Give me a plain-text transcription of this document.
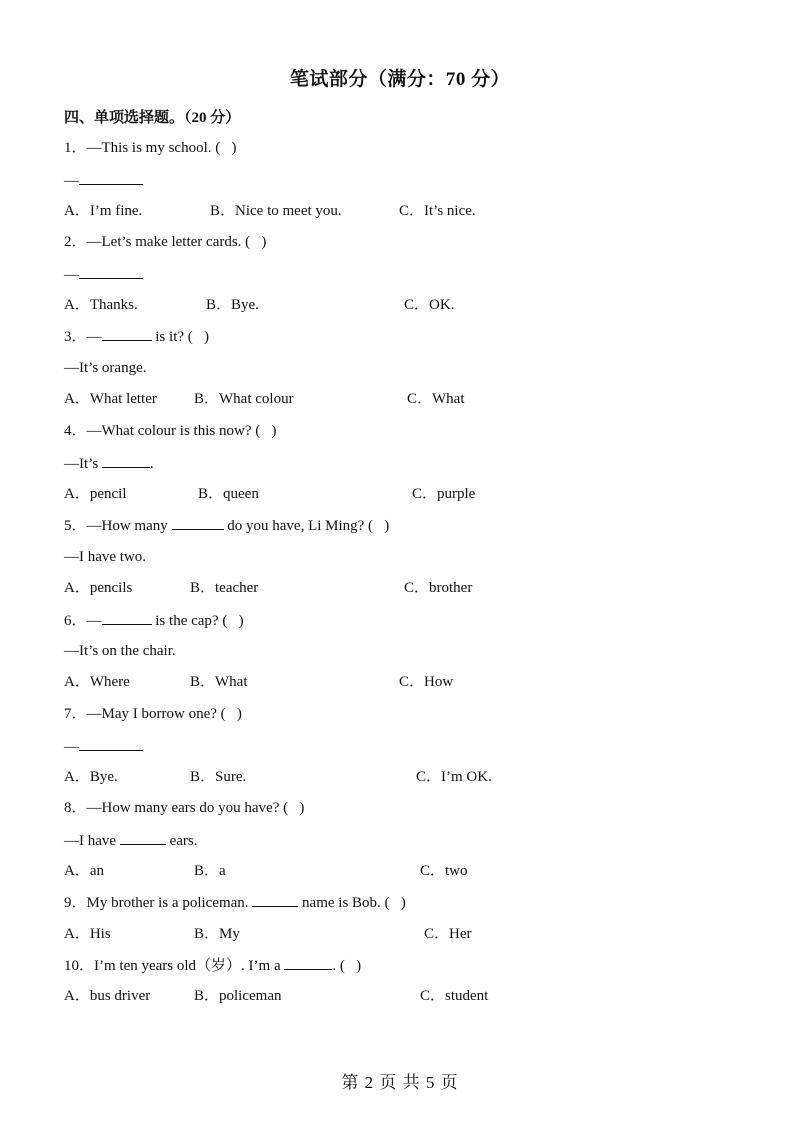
笔试部分（满分：70 分）
四、单项选择题。（20 分）
1．—This is my school. (   )
—
A．I’m fine.	B．Nice to meet you.	C．It’s nice.
2．—Let’s make letter cards. (   )
—
A．Thanks.	B．Bye.	C．OK.
3．—	is it? (   )
—It’s orange.
A．What letter B．What colour	C．What
4．—What colour is this now? (   )
—It’s	.
A．pencil	B．queen	C．purple
5．—How many	do you have, Li Ming? (   )
—I have two.
A．pencils	B．teacher	C．brother
6．—	is the cap? (   )
—It’s on the chair.
A．Where	B．What	C．How
7．—May I borrow one? (   )
—
A．Bye.	B．Sure.	C．I’m OK.
8．—How many ears do you have? (   )
—I have	ears.
A．an	B．a	C．two
9．My brother is a policeman.	name is Bob. (   )
A．His	B．My	C．Her
10．I’m ten years old（岁）. I’m a	. (   )
A．bus driver	B．policeman	C．student
第 2 页 共 5 页
